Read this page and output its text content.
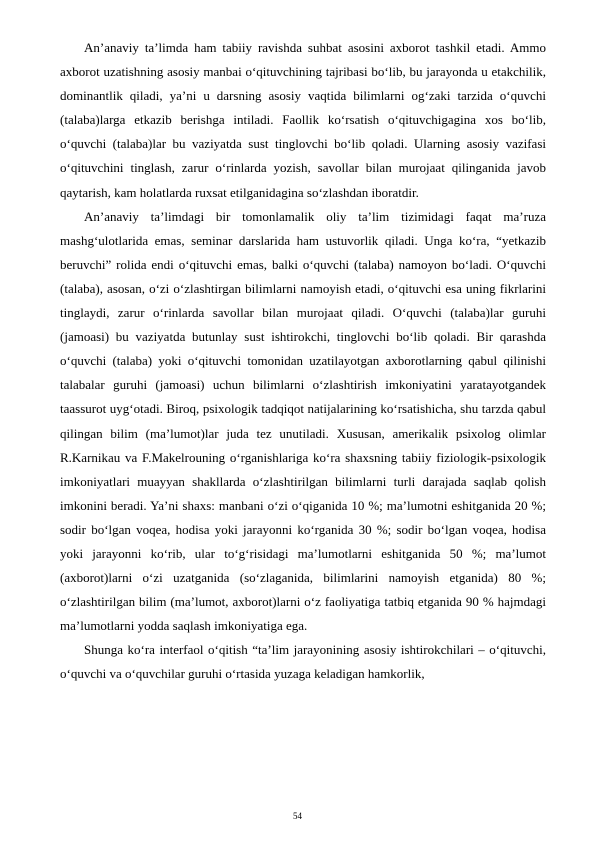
An’anaviy ta’limda ham tabiiy ravishda suhbat asosini axborot tashkil etadi. Ammo axborot uzatishning asosiy manbai o‘qituvchining tajribasi bo‘lib, bu jarayonda u etakchilik, dominantlik qiladi, ya’ni u darsning asosiy vaqtida bilimlarni og‘zaki tarzida o‘quvchi (talaba)larga etkazib berishga intiladi. Faollik ko‘rsatish o‘qituvchigagina xos bo‘lib, o‘quvchi (talaba)lar bu vaziyatda sust tinglovchi bo‘lib qoladi. Ularning asosiy vazifasi o‘qituvchini tinglash, zarur o‘rinlarda yozish, savollar bilan murojaat qilinganida javob qaytarish, kam holatlarda ruxsat etilganidagina so‘zlashdan iboratdir.

An’anaviy ta’limdagi bir tomonlamalik oliy ta’lim tizimidagi faqat ma’ruza mashg‘ulotlarida emas, seminar darslarida ham ustuvorlik qiladi. Unga ko‘ra, “yetkazib beruvchi” rolida endi o‘qituvchi emas, balki o‘quvchi (talaba) namoyon bo‘ladi. O‘quvchi (talaba), asosan, o‘zi o‘zlashtirgan bilimlarni namoyish etadi, o‘qituvchi esa uning fikrlarini tinglaydi, zarur o‘rinlarda savollar bilan murojaat qiladi. O‘quvchi (talaba)lar guruhi (jamoasi) bu vaziyatda butunlay sust ishtirokchi, tinglovchi bo‘lib qoladi. Bir qarashda o‘quvchi (talaba) yoki o‘qituvchi tomonidan uzatilayotgan axborotlarning qabul qilinishi talabalar guruhi (jamoasi) uchun bilimlarni o‘zlashtirish imkoniyatini yaratayotgandek taassurot uyg‘otadi. Biroq, psixologik tadqiqot natijalarining ko‘rsatishicha, shu tarzda qabul qilingan bilim (ma’lumot)lar juda tez unutiladi. Xususan, amerikalik psixolog olimlar R.Karnikau va F.Makelrouning o‘rganishlariga ko‘ra shaxsning tabiiy fiziologik-psixologik imkoniyatlari muayyan shakllarda o‘zlashtirilgan bilimlarni turli darajada saqlab qolish imkonini beradi. Ya’ni shaxs: manbani o‘zi o‘qiganida 10 %; ma’lumotni eshitganida 20 %; sodir bo‘lgan voqea, hodisa yoki jarayonni ko‘rganida 30 %; sodir bo‘lgan voqea, hodisa yoki jarayonni ko‘rib, ular to‘g‘risidagi ma’lumotlarni eshitganida 50 %; ma’lumot (axborot)larni o‘zi uzatganida (so‘zlaganida, bilimlarini namoyish etganida) 80 %; o‘zlashtirilgan bilim (ma’lumot, axborot)larni o‘z faoliyatiga tatbiq etganida 90 % hajmdagi ma’lumotlarni yodda saqlash imkoniyatiga ega.

Shunga ko‘ra interfaol o‘qitish “ta’lim jarayonining asosiy ishtirokchilari – o‘qituvchi, o‘quvchi va o‘quvchilar guruhi o‘rtasida yuzaga keladigan hamkorlik,

54
